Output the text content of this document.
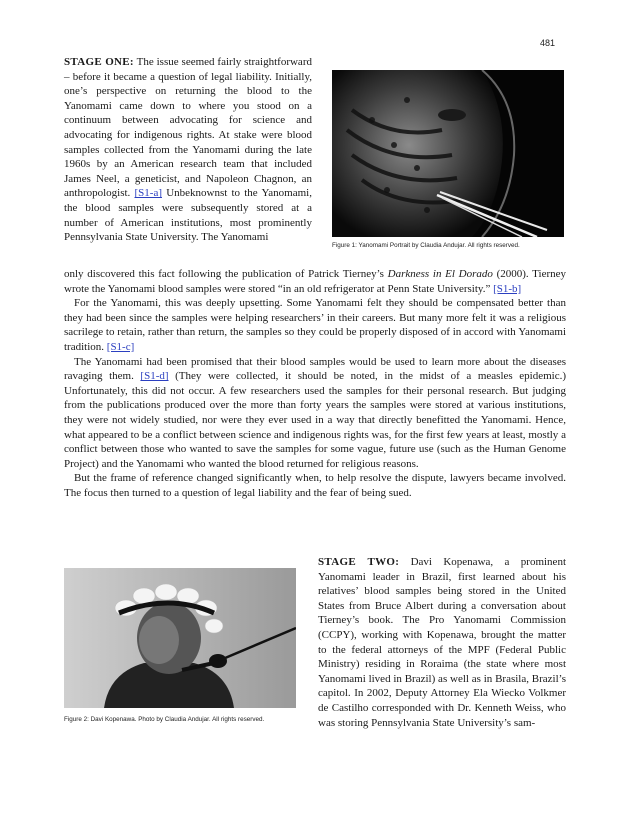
481

STAGE ONE: The issue seemed fairly straightforward – before it became a question of legal liability. Initially, one’s perspective on returning the blood to the Yanomami came down to where you stood on a continuum between advocating for science and advocating for indigenous rights. At stake were blood samples collected from the Yanomami during the late 1960s by an American research team that included James Neel, a geneticist, and Napoleon Chagnon, an anthropologist. [S1-a] Unbeknownst to the Yanomami, the blood samples were subsequently stored at a number of American institutions, most prominently Pennsylvania State University. The Yanomami

Figure 1: Yanomami Portrait by Claudia Andujar. All rights reserved.

only discovered this fact following the publication of Patrick Tierney’s Darkness in El Dorado (2000). Tierney wrote the Yanomami blood samples were stored “in an old refrigerator at Penn State University.” [S1-b]

For the Yanomami, this was deeply upsetting. Some Yanomami felt they should be compensated better than they had been since the samples were helping researchers’ in their careers. But many more felt it was a religious sacrilege to retain, rather than return, the samples so they could be properly disposed of in accord with Yanomami tradition. [S1-c]

The Yanomami had been promised that their blood samples would be used to learn more about the diseases ravaging them. [S1-d] (They were collected, it should be noted, in the midst of a measles epidemic.) Unfortunately, this did not occur. A few researchers used the samples for their personal research. But judging from the publications produced over the more than forty years the samples were stored at various institutions, they were not widely studied, nor were they ever used in a way that directly benefitted the Yanomami. Hence, what appeared to be a conflict between science and indigenous rights was, for the first few years at least, mostly a conflict between those who wanted to save the samples for some vague, future use (such as the Human Genome Project) and the Yanomami who wanted the blood returned for religious reasons.

But the frame of reference changed significantly when, to help resolve the dispute, lawyers became involved. The focus then turned to a question of legal liability and the fear of being sued.

Figure 2: Davi Kopenawa. Photo by Claudia Andujar. All rights reserved.

STAGE TWO: Davi Kopenawa, a prominent Yanomami leader in Brazil, first learned about his relatives’ blood samples being stored in the United States from Bruce Albert during a conversation about Tierney’s book. The Pro Yanomami Commission (CCPY), working with Kopenawa, brought the matter to the federal attorneys of the MPF (Federal Public Ministry) residing in Roraima (the state where most Yanomami lived in Brazil) as well as in Brasila, Brazil’s capitol. In 2002, Deputy Attorney Ela Wiecko Volkmer de Castilho corresponded with Dr. Kenneth Weiss, who was storing Pennsylvania State University’s sam-
